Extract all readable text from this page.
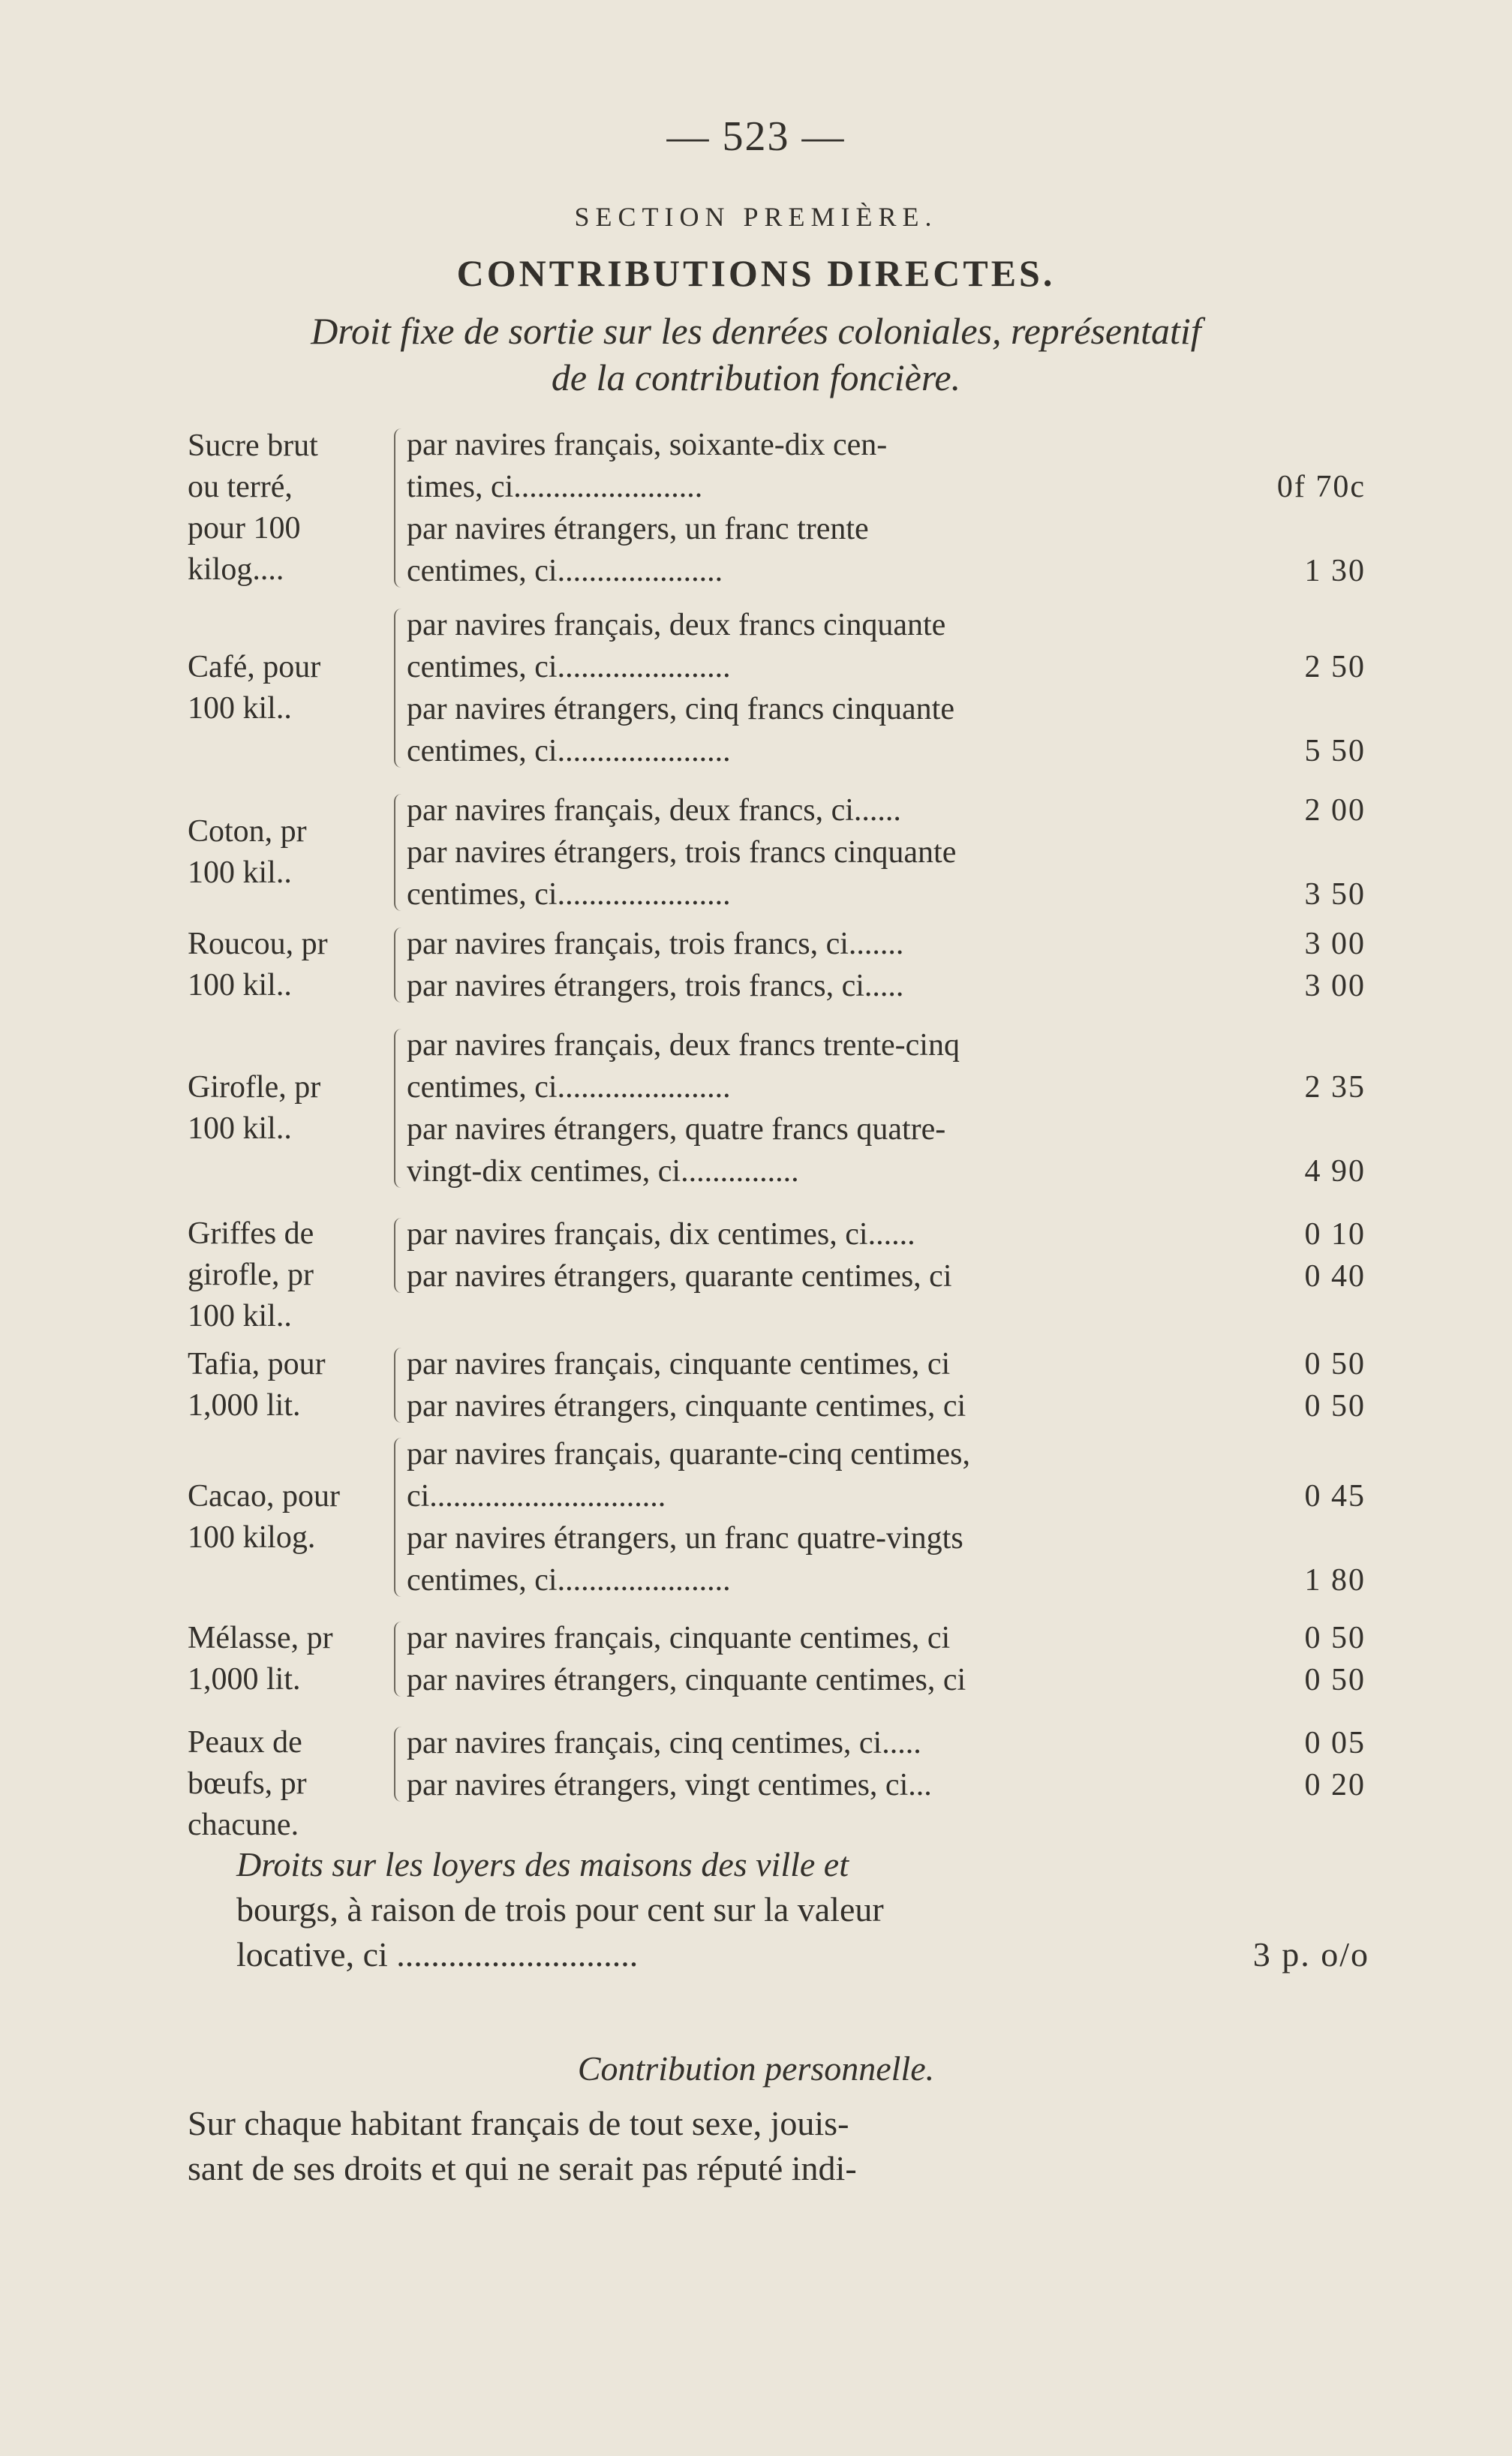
— 523 —
SECTION PREMIÈRE.
CONTRIBUTIONS DIRECTES.
Droit fixe de sortie sur les denrées coloniales, représentatif
de la contribution foncière.
Sucre brut
ou terré,
pour 100
kilog....
par navires français, soixante-dix cen-
times, ci........................	0f 70c
par navires étrangers, un franc trente
centimes, ci.....................	1 30
Café, pour
100 kil..
par navires français, deux francs cinquante
centimes, ci......................	2 50
par navires étrangers, cinq francs cinquante
centimes, ci......................	5 50
Coton, pr
100 kil..
par navires français, deux francs, ci......	2 00
par navires étrangers, trois francs cinquante
centimes, ci......................	3 50
Roucou, pr
100 kil..
par navires français, trois francs, ci.......	3 00
par navires étrangers, trois francs, ci.....	3 00
Girofle, pr
100 kil..
par navires français, deux francs trente-cinq
centimes, ci......................	2 35
par navires étrangers, quatre francs quatre-
vingt-dix centimes, ci...............	4 90
Griffes de
girofle, pr
100 kil..
par navires français, dix centimes, ci......	0 10
par navires étrangers, quarante centimes, ci	0 40
Tafia, pour
1,000 lit.
par navires français, cinquante centimes, ci	0 50
par navires étrangers, cinquante centimes, ci	0 50
Cacao, pour
100 kilog.
par navires français, quarante-cinq centimes,
ci..............................	0 45
par navires étrangers, un franc quatre-vingts
centimes, ci......................	1 80
Mélasse, pr
1,000 lit.
par navires français, cinquante centimes, ci	0 50
par navires étrangers, cinquante centimes, ci	0 50
Peaux de
bœufs, pr
chacune.
par navires français, cinq centimes, ci.....	0 05
par navires étrangers, vingt centimes, ci...	0 20
Droits sur les loyers des maisons des ville et
bourgs, à raison de trois pour cent sur la valeur
locative, ci ............................	3 p. o/o
Contribution personnelle.
Sur chaque habitant français de tout sexe, jouis-
sant de ses droits et qui ne serait pas réputé indi-
